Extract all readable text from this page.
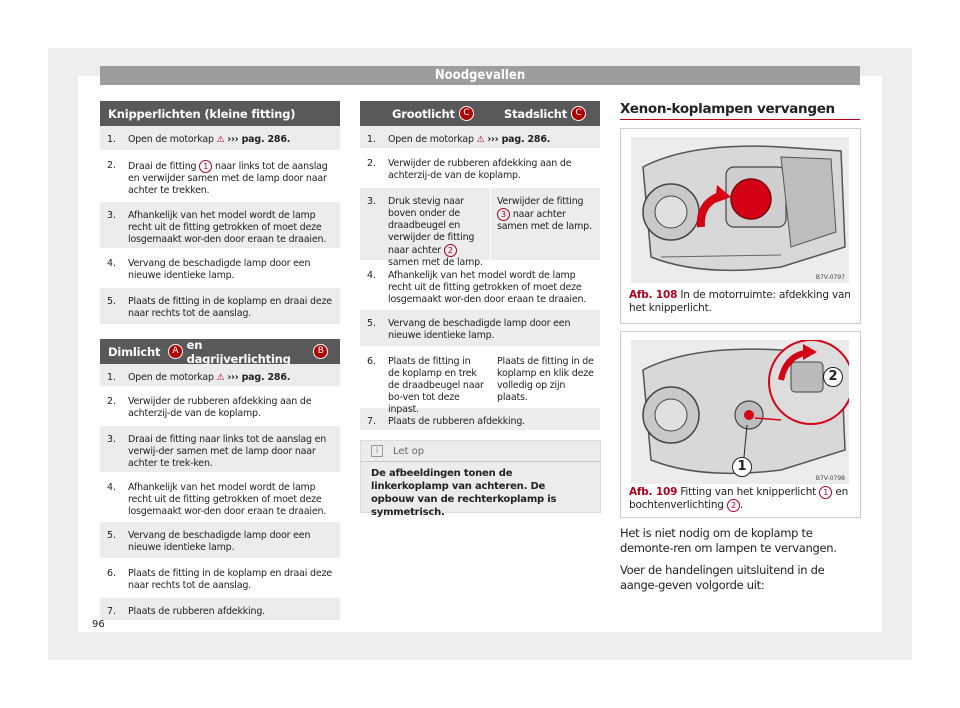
Noodgevallen
Knipperlichten (kleine fitting)
1.	Open de motorkap ⚠ ››› pag. 286.
2.	Draai de fitting 1 naar links tot de aanslag en verwijder samen met de lamp door naar achter te trekken.
3.	Afhankelijk van het model wordt de lamp recht uit de fitting getrokken of moet deze losgemaakt wor-den door eraan te draaien.
4.	Vervang de beschadigde lamp door een nieuwe identieke lamp.
5.	Plaats de fitting in de koplamp en draai deze naar rechts tot de aanslag.
Dimlicht
	A en dagrijverlichting

B
1.	Open de motorkap ⚠ ››› pag. 286.
2.	Verwijder de rubberen afdekking aan de achterzij-de van de koplamp.
3.	Draai de fitting naar links tot de aanslag en verwij-der samen met de lamp door naar achter te trek-ken.
4.	Afhankelijk van het model wordt de lamp recht uit de fitting getrokken of moet deze losgemaakt wor-den door eraan te draaien.
5.	Vervang de beschadigde lamp door een nieuwe identieke lamp.
6.	Plaats de fitting in de koplamp en draai deze naar rechts tot de aanslag.
7.	Plaats de rubberen afdekking.
Grootlicht C	Stadslicht C
1.	Open de motorkap ⚠ ››› pag. 286.
2.	Verwijder de rubberen afdekking aan de achterzij-de van de koplamp.
3.	Druk stevig naar boven onder de draadbeugel en verwijder de fitting naar achter 2 samen met de lamp.
Verwijder de fitting 3 naar achter samen met de lamp.
4.	Afhankelijk van het model wordt de lamp recht uit de fitting getrokken of moet deze losgemaakt wor-den door eraan te draaien.
5.	Vervang de beschadigde lamp door een nieuwe identieke lamp.
6.	Plaats de fitting in de koplamp en trek de draadbeugel naar bo-ven tot deze inpast.
Plaats de fitting in de koplamp en klik deze volledig op zijn plaats.
7.	Plaats de rubberen afdekking.
i	Let op
De afbeeldingen tonen de linkerkoplamp van achteren. De opbouw van de rechterkoplamp is symmetrisch.
Xenon-koplampen vervangen
B7V-0797
Afb. 108 In de motorruimte: afdekking van het knipperlicht.
2
1
B7V-0798
Afb. 109 Fitting van het knipperlicht 1 en bochtenverlichting 2 .
Het is niet nodig om de koplamp te demonte-ren om lampen te vervangen.
Voer de handelingen uitsluitend in de aange-geven volgorde uit:
96
